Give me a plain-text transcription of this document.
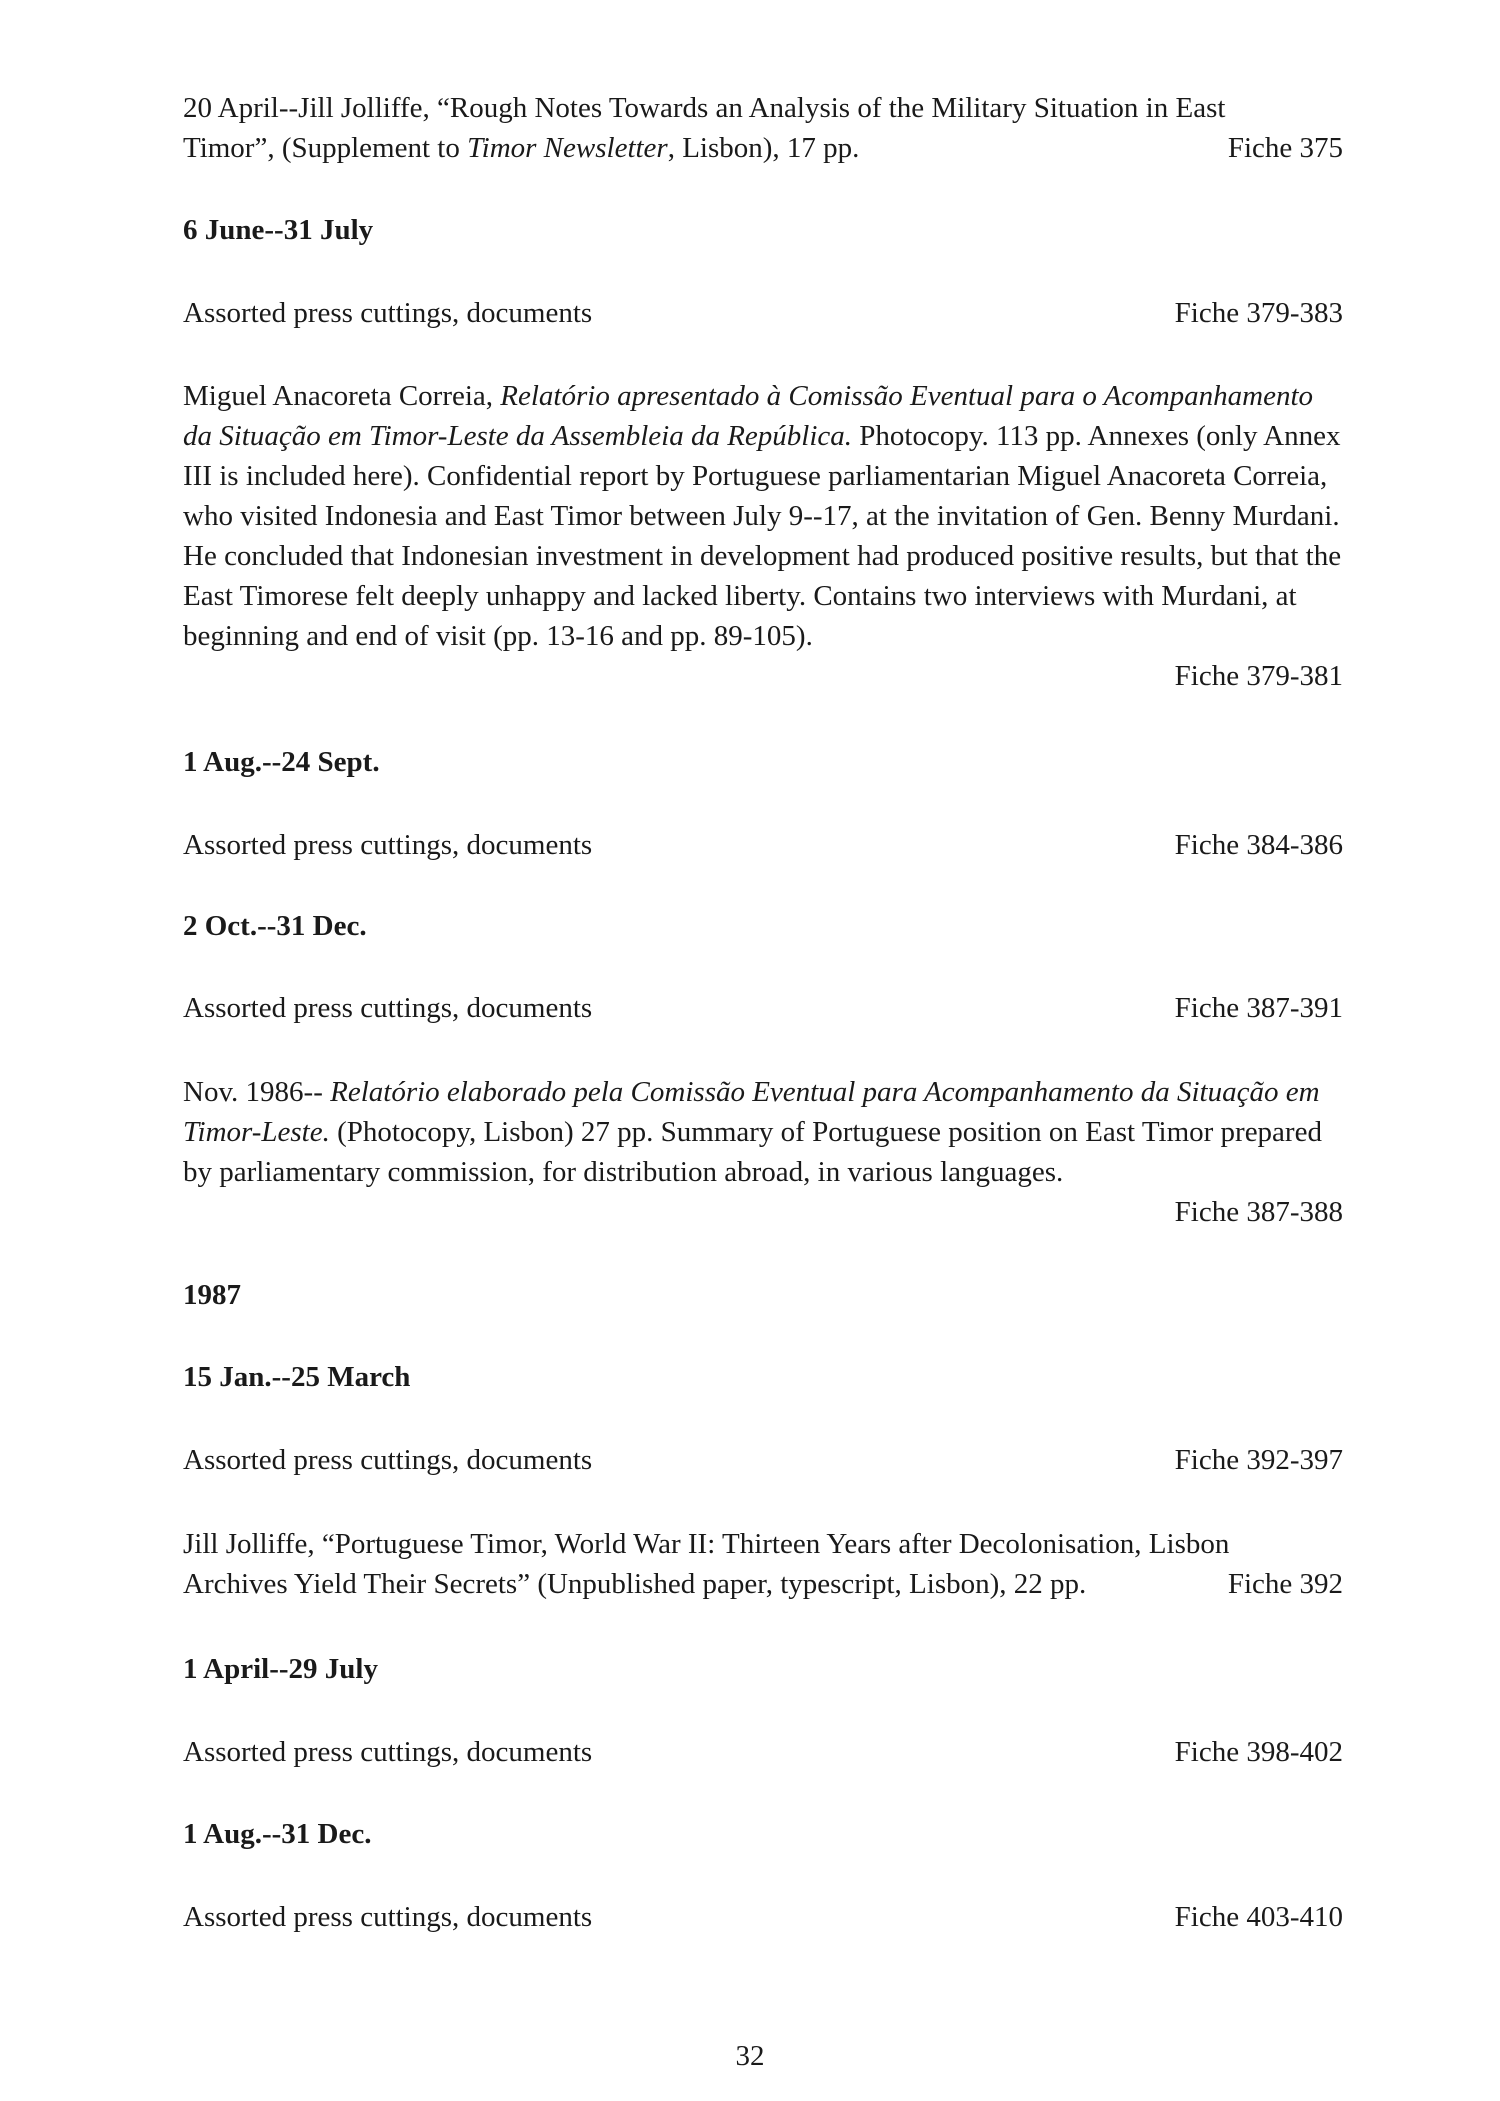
20 April--Jill Jolliffe, “Rough Notes Towards an Analysis of the Military Situation in East
Timor”, (Supplement to Timor Newsletter, Lisbon), 17 pp.	Fiche 375
6 June--31 July
Assorted press cuttings, documents	Fiche 379-383
Miguel Anacoreta Correia, Relatório apresentado à Comissão Eventual para o Acompanhamento da Situação em Timor-Leste da Assembleia da República. Photocopy. 113 pp. Annexes (only Annex III is included here). Confidential report by Portuguese parliamentarian Miguel Anacoreta Correia, who visited Indonesia and East Timor between July 9--17, at the invitation of Gen. Benny Murdani. He concluded that Indonesian investment in development had produced positive results, but that the East Timorese felt deeply unhappy and lacked liberty. Contains two interviews with Murdani, at beginning and end of visit (pp. 13-16 and pp. 89-105).
Fiche 379-381
1 Aug.--24 Sept.
Assorted press cuttings, documents	Fiche 384-386
2 Oct.--31 Dec.
Assorted press cuttings, documents	Fiche 387-391
Nov. 1986-- Relatório elaborado pela Comissão Eventual para Acompanhamento da Situação em Timor-Leste. (Photocopy, Lisbon) 27 pp. Summary of Portuguese position on East Timor prepared by parliamentary commission, for distribution abroad, in various languages.
Fiche 387-388
1987
15 Jan.--25 March
Assorted press cuttings, documents	Fiche 392-397
Jill Jolliffe, “Portuguese Timor, World War II: Thirteen Years after Decolonisation, Lisbon
Archives Yield Their Secrets” (Unpublished paper, typescript, Lisbon), 22 pp.	Fiche 392
1 April--29 July
Assorted press cuttings, documents	Fiche 398-402
1 Aug.--31 Dec.
Assorted press cuttings, documents	Fiche 403-410
32
